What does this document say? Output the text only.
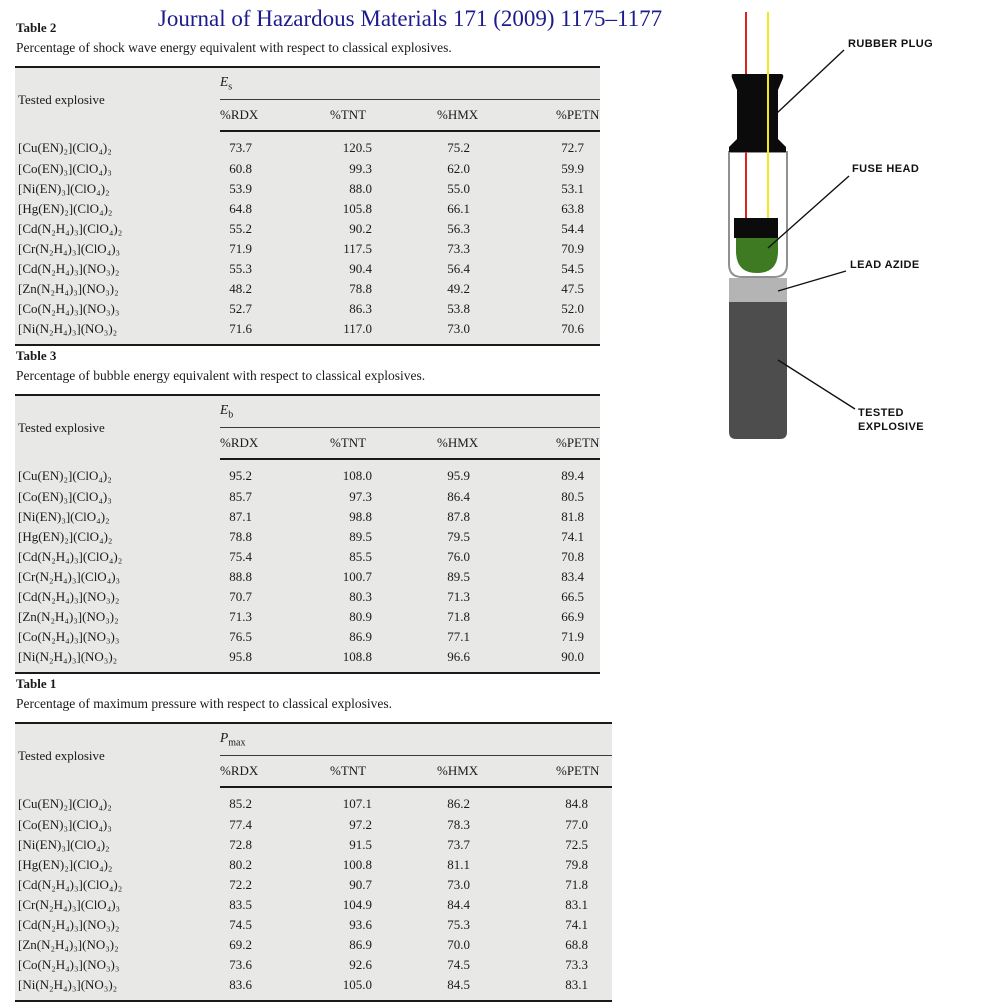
Journal of Hazardous Materials 171 (2009) 1175–1177
Table 2
Percentage of shock wave energy equivalent with respect to classical explosives.
Tested explosive	$E_s$
	%RDX	%TNT	%HMX	%PETN
[Cu(EN)₂](ClO₄)₂	73.7	120.5	75.2	72.7
[Co(EN)₃](ClO₄)₃	60.8	99.3	62.0	59.9
[Ni(EN)₃](ClO₄)₂	53.9	88.0	55.0	53.1
[Hg(EN)₂](ClO₄)₂	64.8	105.8	66.1	63.8
[Cd(N₂H₄)₃](ClO₄)₂	55.2	90.2	56.3	54.4
[Cr(N₂H₄)₃](ClO₄)₃	71.9	117.5	73.3	70.9
[Cd(N₂H₄)₃](NO₃)₂	55.3	90.4	56.4	54.5
[Zn(N₂H₄)₃](NO₃)₂	48.2	78.8	49.2	47.5
[Co(N₂H₄)₃](NO₃)₃	52.7	86.3	53.8	52.0
[Ni(N₂H₄)₃](NO₃)₂	71.6	117.0	73.0	70.6
Table 3
Percentage of bubble energy equivalent with respect to classical explosives.
Tested explosive	$E_b$
	%RDX	%TNT	%HMX	%PETN
[Cu(EN)₂](ClO₄)₂	95.2	108.0	95.9	89.4
[Co(EN)₃](ClO₄)₃	85.7	97.3	86.4	80.5
[Ni(EN)₃](ClO₄)₂	87.1	98.8	87.8	81.8
[Hg(EN)₂](ClO₄)₂	78.8	89.5	79.5	74.1
[Cd(N₂H₄)₃](ClO₄)₂	75.4	85.5	76.0	70.8
[Cr(N₂H₄)₃](ClO₄)₃	88.8	100.7	89.5	83.4
[Cd(N₂H₄)₃](NO₃)₂	70.7	80.3	71.3	66.5
[Zn(N₂H₄)₃](NO₃)₂	71.3	80.9	71.8	66.9
[Co(N₂H₄)₃](NO₃)₃	76.5	86.9	77.1	71.9
[Ni(N₂H₄)₃](NO₃)₂	95.8	108.8	96.6	90.0
Table 1
Percentage of maximum pressure with respect to classical explosives.
Tested explosive	$P_{max}$
	%RDX	%TNT	%HMX	%PETN
[Cu(EN)₂](ClO₄)₂	85.2	107.1	86.2	84.8
[Co(EN)₃](ClO₄)₃	77.4	97.2	78.3	77.0
[Ni(EN)₃](ClO₄)₂	72.8	91.5	73.7	72.5
[Hg(EN)₂](ClO₄)₂	80.2	100.8	81.1	79.8
[Cd(N₂H₄)₃](ClO₄)₂	72.2	90.7	73.0	71.8
[Cr(N₂H₄)₃](ClO₄)₃	83.5	104.9	84.4	83.1
[Cd(N₂H₄)₃](NO₃)₂	74.5	93.6	75.3	74.1
[Zn(N₂H₄)₃](NO₃)₂	69.2	86.9	70.0	68.8
[Co(N₂H₄)₃](NO₃)₃	73.6	92.6	74.5	73.3
[Ni(N₂H₄)₃](NO₃)₂	83.6	105.0	84.5	83.1
RUBBER PLUG
FUSE HEAD
LEAD AZIDE
TESTED
EXPLOSIVE
